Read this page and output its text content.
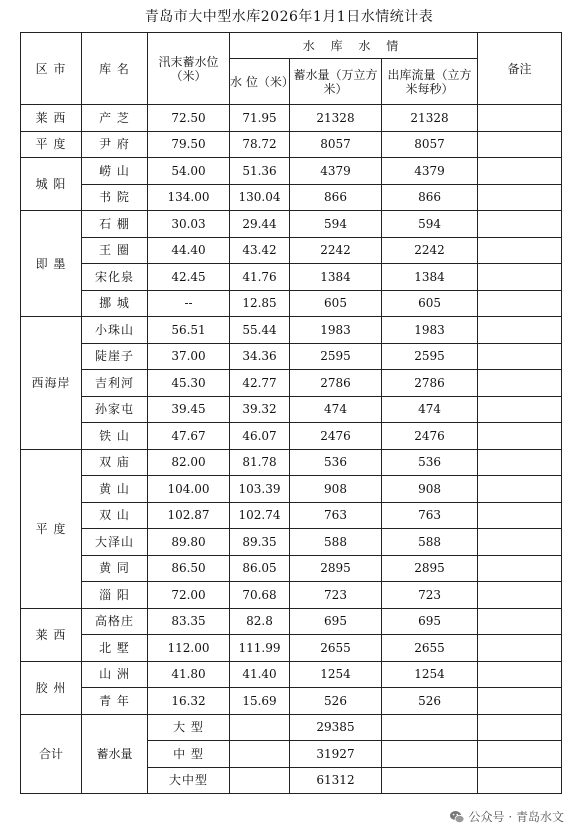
青岛市大中型水库2026年1月1日水情统计表
区 市	库 名	汛末蓄水位（米）	水 库 水 情			备注
			水 位（米）	蓄水量（万立方米）	出库流量（立方米每秒）	
莱 西	产 芝	72.50	71.95	21328	21328	
平 度	尹 府	79.50	78.72	8057	8057	
城 阳	崂 山	54.00	51.36	4379	4379	
	书 院	134.00	130.04	866	866	
即 墨	石 棚	30.03	29.44	594	594	
	王 圈	44.40	43.42	2242	2242	
	宋化泉	42.45	41.76	1384	1384	
	挪 城	--	12.85	605	605	
西海岸	小珠山	56.51	55.44	1983	1983	
	陡崖子	37.00	34.36	2595	2595	
	吉利河	45.30	42.77	2786	2786	
	孙家屯	39.45	39.32	474	474	
	铁 山	47.67	46.07	2476	2476	
平 度	双 庙	82.00	81.78	536	536	
	黄 山	104.00	103.39	908	908	
	双 山	102.87	102.74	763	763	
	大泽山	89.80	89.35	588	588	
	黄 同	86.50	86.05	2895	2895	
	淄 阳	72.00	70.68	723	723	
莱 西	高格庄	83.35	82.8	695	695	
	北 墅	112.00	111.99	2655	2655	
胶 州	山 洲	41.80	41.40	1254	1254	
	青 年	16.32	15.69	526	526	
合计	蓄水量	大 型		29385		
		中 型		31927		
		大中型		61312		
公众号 · 青岛水文
